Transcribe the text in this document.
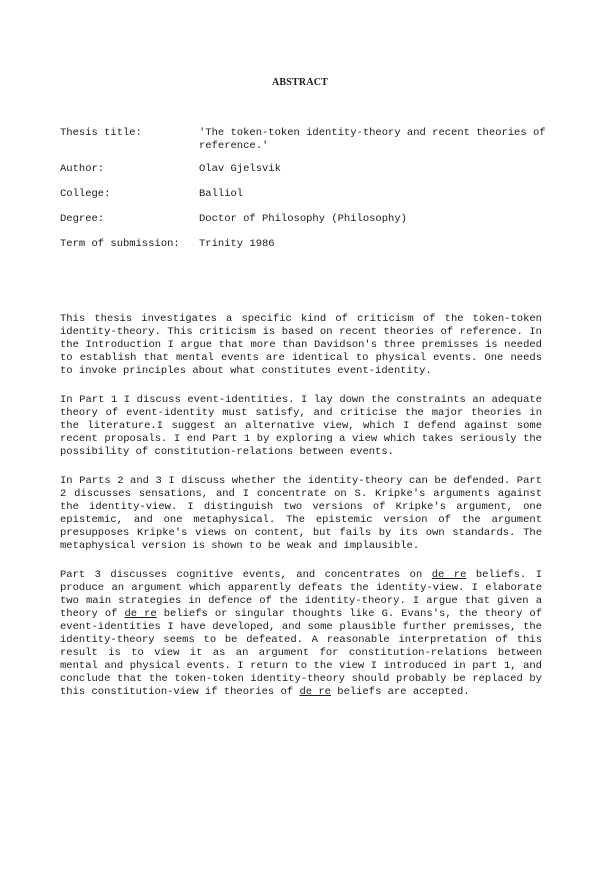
ABSTRACT
Thesis title:	'The token-token identity-theory and recent theories of reference.'
Author:	Olav Gjelsvik
College:	Balliol
Degree:	Doctor of Philosophy (Philosophy)
Term of submission:	Trinity 1986

This thesis investigates a specific kind of criticism of the token-token identity-theory. This criticism is based on recent theories of reference. In the Introduction I argue that more than Davidson's three premisses is needed to establish that mental events are identical to physical events. One needs to invoke principles about what constitutes event-identity.

In Part 1 I discuss event-identities. I lay down the constraints an adequate theory of event-identity must satisfy, and criticise the major theories in the literature.I suggest an alternative view, which I defend against some recent proposals. I end Part 1 by exploring a view which takes seriously the possibility of constitution-relations between events.

In Parts 2 and 3 I discuss whether the identity-theory can be defended. Part 2 discusses sensations, and I concentrate on S. Kripke's arguments against the identity-view. I distinguish two versions of Kripke's argument, one epistemic, and one metaphysical. The epistemic version of the argument presupposes Kripke's views on content, but fails by its own standards. The metaphysical version is shown to be weak and implausible.

Part 3 discusses cognitive events, and concentrates on de re beliefs. I produce an argument which apparently defeats the identity-view. I elaborate two main strategies in defence of the identity-theory. I argue that given a theory of de re beliefs or singular thoughts like G. Evans's, the theory of event-identities I have developed, and some plausible further premisses, the identity-theory seems to be defeated. A reasonable interpretation of this result is to view it as an argument for constitution-relations between mental and physical events. I return to the view I introduced in part 1, and conclude that the token-token identity-theory should probably be replaced by this constitution-view if theories of de re beliefs are accepted.
